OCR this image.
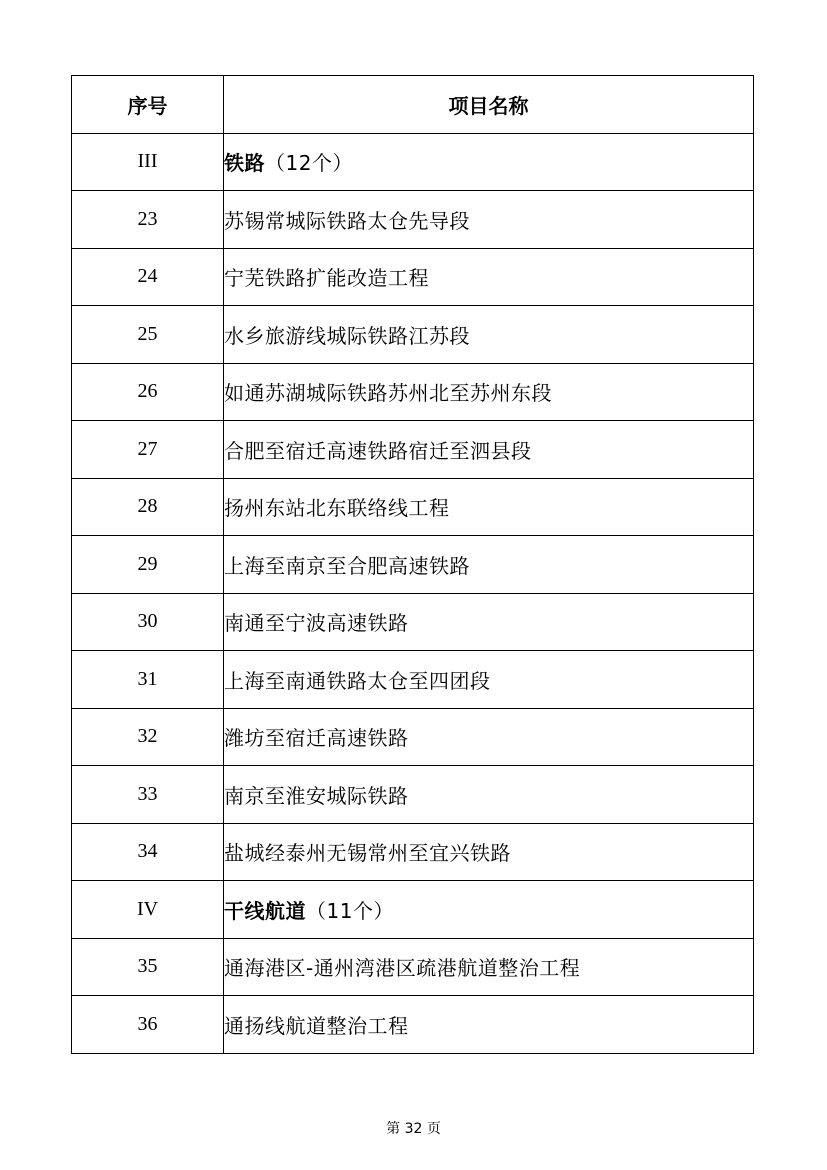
序号	项目名称
III	铁路（12个）
23	苏锡常城际铁路太仓先导段
24	宁芜铁路扩能改造工程
25	水乡旅游线城际铁路江苏段
26	如通苏湖城际铁路苏州北至苏州东段
27	合肥至宿迁高速铁路宿迁至泗县段
28	扬州东站北东联络线工程
29	上海至南京至合肥高速铁路
30	南通至宁波高速铁路
31	上海至南通铁路太仓至四团段
32	潍坊至宿迁高速铁路
33	南京至淮安城际铁路
34	盐城经泰州无锡常州至宜兴铁路
IV	干线航道（11个）
35	通海港区-通州湾港区疏港航道整治工程
36	通扬线航道整治工程
第 32 页
